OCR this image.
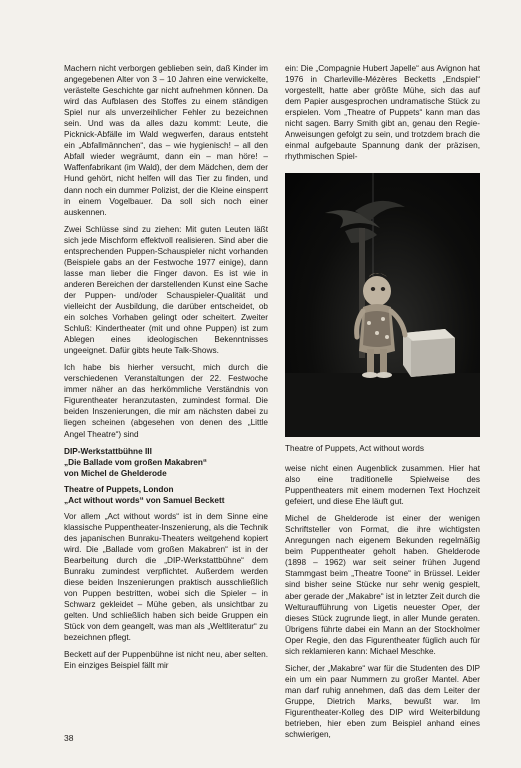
Machern nicht verborgen geblieben sein, daß Kinder im angegebenen Alter von 3 – 10 Jahren eine verwickelte, verästelte Geschichte gar nicht aufnehmen können. Da wird das Aufblasen des Stoffes zu einem ständigen Spiel nur als unverzeihlicher Fehler zu bezeichnen sein. Und was da alles dazu kommt: Leute, die Picknick-Abfälle im Wald wegwerfen, daraus entsteht ein „Abfallmännchen“, das – wie hygienisch! – all den Abfall wieder wegräumt, dann ein – man höre! – Waffenfabrikant (im Wald), der dem Mädchen, dem der Hund gehört, nicht helfen will das Tier zu finden, und dann noch ein dummer Polizist, der die Kleine einsperrt in einem Vogelbauer. Da soll sich noch einer auskennen.

Zwei Schlüsse sind zu ziehen: Mit guten Leuten läßt sich jede Mischform effektvoll realisieren. Sind aber die entsprechenden Puppen-Schauspieler nicht vorhanden (Beispiele gabs an der Festwoche 1977 einige), dann lasse man lieber die Finger davon. Es ist wie in anderen Bereichen der darstellenden Kunst eine Sache der Puppen- und/oder Schauspieler-Qualität und vielleicht der Ausbildung, die darüber entscheidet, ob ein solches Vorhaben gelingt oder scheitert. Zweiter Schluß: Kindertheater (mit und ohne Puppen) ist zum Ablegen eines ideologischen Bekenntnisses ungeeignet. Dafür gibts heute Talk-Shows.

Ich habe bis hierher versucht, mich durch die verschiedenen Veranstaltungen der 22. Festwoche immer näher an das herkömmliche Verständnis von Figurentheater heranzutasten, zumindest formal. Die beiden Inszenierungen, die mir am nächsten dabei zu liegen scheinen (abgesehen von denen des „Little Angel Theatre“) sind

DIP-Werkstattbühne III
„Die Ballade vom großen Makabren“
von Michel de Ghelderode
Theatre of Puppets, London
„Act without words“ von Samuel Beckett

Vor allem „Act without words“ ist in dem Sinne eine klassische Puppentheater-Inszenierung, als die Technik des japanischen Bunraku-Theaters weitgehend kopiert wird. Die „Ballade vom großen Makabren“ ist in der Bearbeitung durch die „DIP-Werkstattbühne“ dem Bunraku zumindest verpflichtet. Außerdem werden diese beiden Inszenierungen praktisch ausschließlich von Puppen bestritten, wobei sich die Spieler – in Schwarz gekleidet – Mühe geben, als unsichtbar zu gelten. Und schließlich haben sich beide Gruppen ein Stück von dem geangelt, was man als „Weltliteratur“ zu bezeichnen pflegt.

Beckett auf der Puppenbühne ist nicht neu, aber selten. Ein einziges Beispiel fällt mir

ein: Die „Compagnie Hubert Japelle“ aus Avignon hat 1976 in Charleville-Mézères Becketts „Endspiel“ vorgestellt, hatte aber größte Mühe, sich das auf dem Papier ausgesprochen undramatische Stück zu erspielen. Vom „Theatre of Puppets“ kann man das nicht sagen. Barry Smith gibt an, genau den Regie-Anweisungen gefolgt zu sein, und trotzdem brach die einmal aufgebaute Spannung dank der präzisen, rhythmischen Spiel-

Theatre of Puppets, Act without words

weise nicht einen Augenblick zusammen. Hier hat also eine traditionelle Spielweise des Puppentheaters mit einem modernen Text Hochzeit gefeiert, und diese Ehe läuft gut.

Michel de Ghelderode ist einer der wenigen Schriftsteller von Format, die ihre wichtigsten Anregungen nach eigenem Bekunden regelmäßig beim Puppentheater geholt haben. Ghelderode (1898 – 1962) war seit seiner frühen Jugend Stammgast beim „Theatre Toone“ in Brüssel. Leider sind bisher seine Stücke nur sehr wenig gespielt, aber gerade der „Makabre“ ist in letzter Zeit durch die Welturaufführung von Ligetis neuester Oper, der dieses Stück zugrunde liegt, in aller Munde geraten. Übrigens führte dabei ein Mann an der Stockholmer Oper Regie, den das Figurentheater füglich auch für sich reklamieren kann: Michael Meschke.

Sicher, der „Makabre“ war für die Studenten des DIP ein um ein paar Nummern zu großer Mantel. Aber man darf ruhig annehmen, daß das dem Leiter der Gruppe, Dietrich Marks, bewußt war. Im Figurentheater-Kolleg des DIP wird Weiterbildung betrieben, hier eben zum Beispiel anhand eines schwierigen,

38
